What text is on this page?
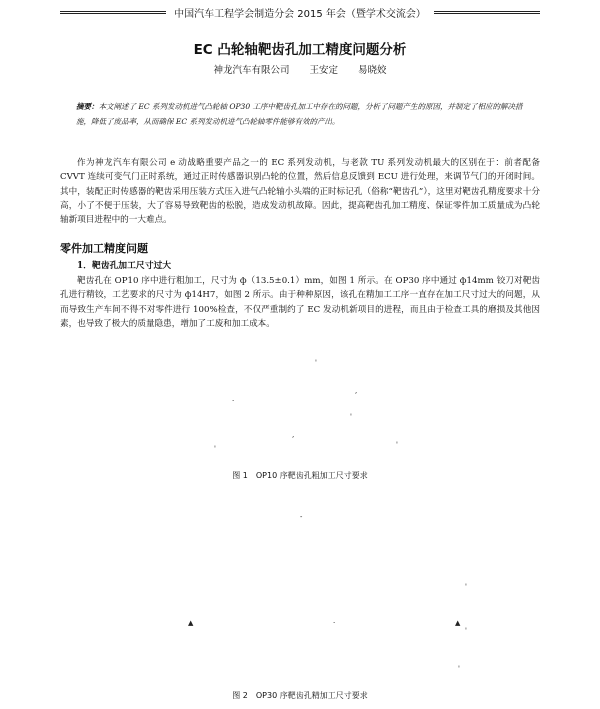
中国汽车工程学会制造分会 2015 年会（暨学术交流会）
EC 凸轮轴靶齿孔加工精度问题分析
神龙汽车有限公司 王安定 易晓姣

摘要：本文阐述了 EC 系列发动机进气凸轮轴 OP30 工序中靶齿孔加工中存在的问题，分析了问题产生的原因，并制定了相应的解决措施，降低了废品率，从而确保 EC 系列发动机进气凸轮轴零件能够有效的产出。

作为神龙汽车有限公司 e 动战略重要产品之一的 EC 系列发动机，与老款 TU 系列发动机最大的区别在于：前者配备 CVVT 连续可变气门正时系统，通过正时传感器识别凸轮的位置，然后信息反馈到 ECU 进行处理，来调节气门的开闭时间。其中，装配正时传感器的靶齿采用压装方式压入进气凸轮轴小头端的正时标记孔（俗称“靶齿孔”），这里对靶齿孔精度要求十分高，小了不便于压装，大了容易导致靶齿的松脱，造成发动机故障。因此，提高靶齿孔加工精度、保证零件加工质量成为凸轮轴新项目进程中的一大难点。

零件加工精度问题
1．靶齿孔加工尺寸过大

靶齿孔在 OP10 序中进行粗加工，尺寸为 ф（13.5±0.1）mm，如图 1 所示。在 OP30 序中通过 ф14mm 铰刀对靶齿孔进行精铰，工艺要求的尺寸为 ф14H7，如图 2 所示。由于种种原因，该孔在精加工工序一直存在加工尺寸过大的问题，从而导致生产车间不得不对零件进行 100%检查，不仅严重制约了 EC 发动机新项目的进程，而且由于检查工具的磨损及其他因素，也导致了极大的质量隐患，增加了工废和加工成本。

'
,
·
'
‚
'
'

图 1　OP10 序靶齿孔粗加工尺寸要求

-
'
▲	·	▲
'
'

图 2　OP30 序靶齿孔精加工尺寸要求
